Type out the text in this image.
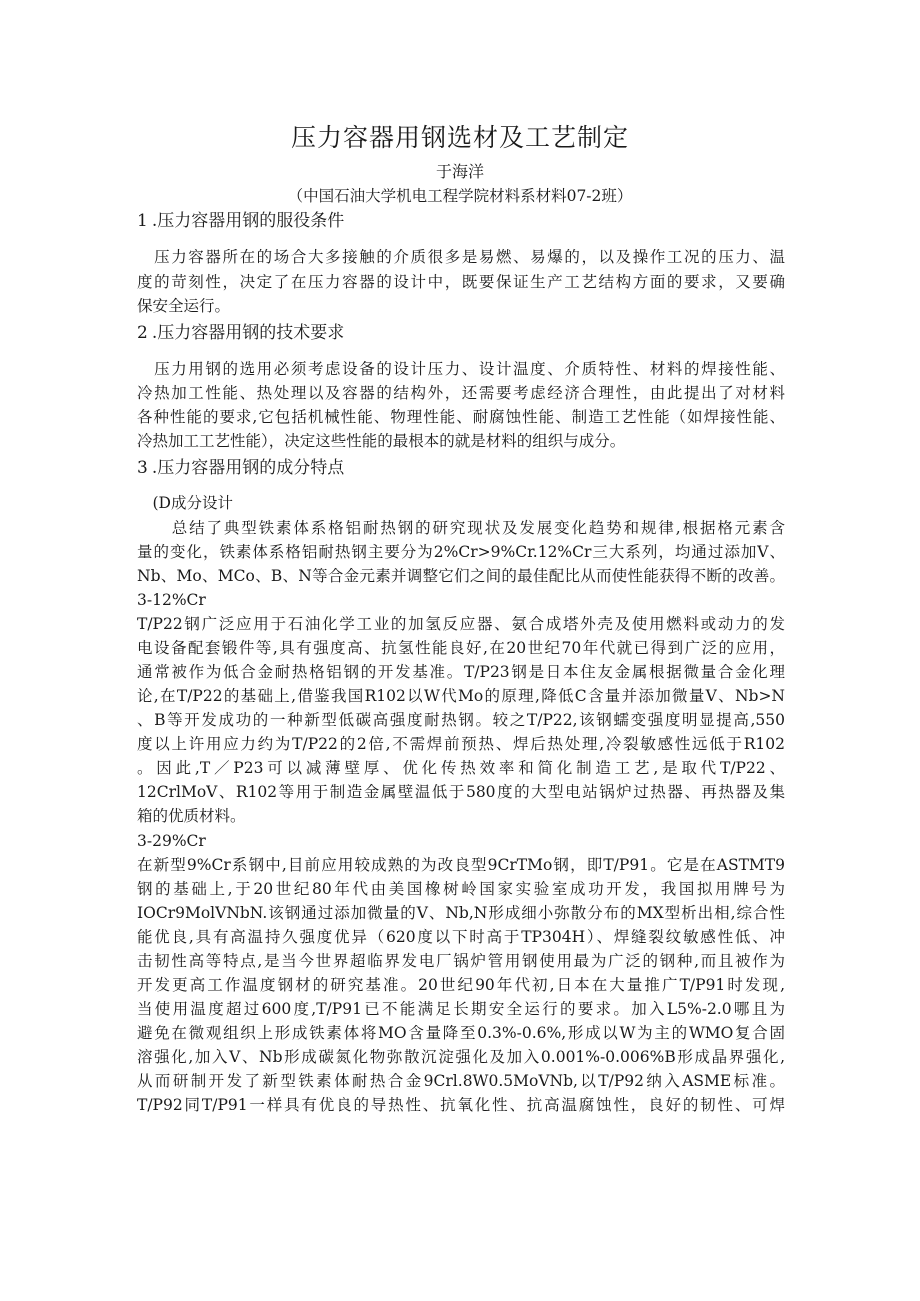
压力容器用钢选材及工艺制定
于海洋
（中国石油大学机电工程学院材料系材料07-2班）
1 .压力容器用钢的服役条件
　压力容器所在的场合大多接触的介质很多是易燃、易爆的，以及操作工况的压力、温
度的苛刻性，决定了在压力容器的设计中，既要保证生产工艺结构方面的要求，又要确
保安全运行。
2 .压力容器用钢的技术要求
　压力用钢的选用必须考虑设备的设计压力、设计温度、介质特性、材料的焊接性能、
冷热加工性能、热处理以及容器的结构外，还需要考虑经济合理性，由此提出了对材料
各种性能的要求,它包括机械性能、物理性能、耐腐蚀性能、制造工艺性能（如焊接性能、
冷热加工工艺性能），决定这些性能的最根本的就是材料的组织与成分。
3 .压力容器用钢的成分特点
　(D成分设计
　　总结了典型铁素体系格铝耐热钢的研究现状及发展变化趋势和规律,根据格元素含
量的变化，铁素体系格铝耐热钢主要分为2%Cr>9%Cr.12%Cr三大系列，均通过添加V、
Nb、Mo、MCo、B、N等合金元素并调整它们之间的最佳配比从而使性能获得不断的改善。
3-12%Cr
T/P22钢广泛应用于石油化学工业的加氢反应器、氨合成塔外壳及使用燃料或动力的发
电设备配套锻件等,具有强度高、抗氢性能良好,在20世纪70年代就已得到广泛的应用，
通常被作为低合金耐热格铝钢的开发基准。T/P23钢是日本住友金属根据微量合金化理
论,在T/P22的基础上,借鉴我国R102以W代Mo的原理,降低C含量并添加微量V、Nb>N
、B等开发成功的一种新型低碳高强度耐热钢。较之T/P22,该钢蠕变强度明显提高,550
度以上许用应力约为T/P22的2倍,不需焊前预热、焊后热处理,冷裂敏感性远低于R102
。因此,T／P23可以减薄壁厚、优化传热效率和简化制造工艺,是取代T/P22、
12CrlMoV、R102等用于制造金属壁温低于580度的大型电站锅炉过热器、再热器及集
箱的优质材料。
3-29%Cr
在新型9%Cr系钢中,目前应用较成熟的为改良型9CrTMo钢，即T/P91。它是在ASTMT9
钢的基础上,于20世纪80年代由美国橡树岭国家实验室成功开发，我国拟用牌号为
IOCr9MolVNbN.该钢通过添加微量的V、Nb,N形成细小弥散分布的MX型析出相,综合性
能优良,具有高温持久强度优异（620度以下时高于TP304H）、焊缝裂纹敏感性低、冲
击韧性高等特点,是当今世界超临界发电厂锅炉管用钢使用最为广泛的钢种,而且被作为
开发更高工作温度钢材的研究基准。20世纪90年代初,日本在大量推广T/P91时发现,
当使用温度超过600度,T/P91已不能满足长期安全运行的要求。加入L5%-2.0哪且为
避免在微观组织上形成铁素体将MO含量降至0.3%-0.6%,形成以W为主的WMO复合固
溶强化,加入V、Nb形成碳氮化物弥散沉淀强化及加入0.001%-0.006%B形成晶界强化,
从而研制开发了新型铁素体耐热合金9Crl.8W0.5MoVNb,以T/P92纳入ASME标准。
T/P92同T/P91一样具有优良的导热性、抗氧化性、抗高温腐蚀性，良好的韧性、可焊
